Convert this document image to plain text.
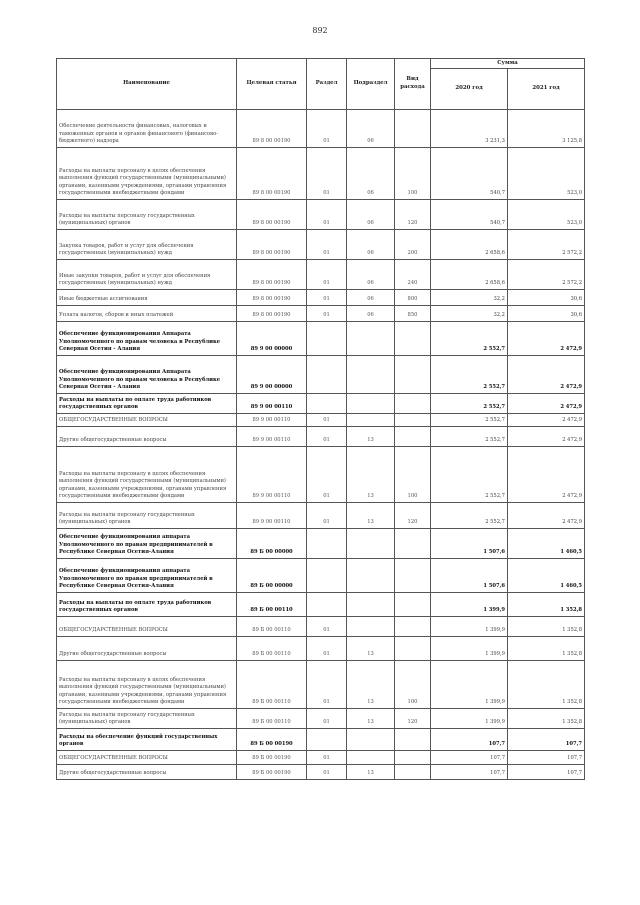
892
Наименование	Целевая статья	Раздел	Подраздел	Вид расхода	Сумма	
					2020 год	2021 год
Обеспечение деятельности финансовых, налоговых и таможенных органов и органов финансового (финансово-бюджетного) надзора	89 8 00 00190	01	06		3 231,3	3 125,8
Расходы на выплаты персоналу в целях обеспечения выполнения функций государственными (муниципальными) органами, казенными учреждениями, органами управления государственными внебюджетными фондами	89 8 00 00190	01	06	100	540,7	523,0
Расходы на выплаты персоналу государственных (муниципальных) органов	89 8 00 00190	01	06	120	540,7	523,0
Закупка товаров, работ и услуг для обеспечения государственных (муниципальных) нужд	89 8 00 00190	01	06	200	2 658,6	2 572,2
Иные закупки товаров, работ и услуг для обеспечения государственных (муниципальных) нужд	89 8 00 00190	01	06	240	2 658,6	2 572,2
Иные бюджетные ассигнования	89 8 00 00190	01	06	800	32,2	30,6
Уплата налогов, сборов и иных платежей	89 8 00 00190	01	06	850	32,2	30,6
Обеспечение функционирования Аппарата Уполномоченного по правам человека в Республике Северная Осетия - Алания	89 9 00 00000				2 552,7	2 472,9
Обеспечение функционирования Аппарата Уполномоченного по правам человека в Республике Северная Осетия - Алания	89 9 00 00000				2 552,7	2 472,9
Расходы на выплаты по оплате труда работников государственных органов	89 9 00 00110				2 552,7	2 472,9
ОБЩЕГОСУДАРСТВЕННЫЕ ВОПРОСЫ	89 9 00 00110	01			2 552,7	2 472,9
Другие общегосударственные вопросы	89 9 00 00110	01	13		2 552,7	2 472,9
Расходы на выплаты персоналу в целях обеспечения выполнения функций государственными (муниципальными) органами, казенными учреждениями, органами управления государственными внебюджетными фондами	89 9 00 00110	01	13	100	2 552,7	2 472,9
Расходы на выплаты персоналу государственных (муниципальных) органов	89 9 00 00110	01	13	120	2 552,7	2 472,9
Обеспечение функционирования аппарата Уполномоченного по правам предпринимателей в Республике Северная Осетия-Алания	89 Б 00 00000				1 507,6	1 460,5
Обеспечение функционирования аппарата Уполномоченного по правам предпринимателей в Республике Северная Осетия-Алания	89 Б 00 00000				1 507,6	1 460,5
Расходы на выплаты по оплате труда работников государственных органов	89 Б 00 00110				1 399,9	1 352,8
ОБЩЕГОСУДАРСТВЕННЫЕ ВОПРОСЫ	89 Б 00 00110	01			1 399,9	1 352,8
Другие общегосударственные вопросы	89 Б 00 00110	01	13		1 399,9	1 352,8
Расходы на выплаты персоналу в целях обеспечения выполнения функций государственными (муниципальными) органами, казенными учреждениями, органами управления государственными внебюджетными фондами	89 Б 00 00110	01	13	100	1 399,9	1 352,8
Расходы на выплаты персоналу государственных (муниципальных) органов	89 Б 00 00110	01	13	120	1 399,9	1 352,8
Расходы на обеспечение функций государственных органов	89 Б 00 00190				107,7	107,7
ОБЩЕГОСУДАРСТВЕННЫЕ ВОПРОСЫ	89 Б 00 00190	01			107,7	107,7
Другие общегосударственные вопросы	89 Б 00 00190	01	13		107,7	107,7
